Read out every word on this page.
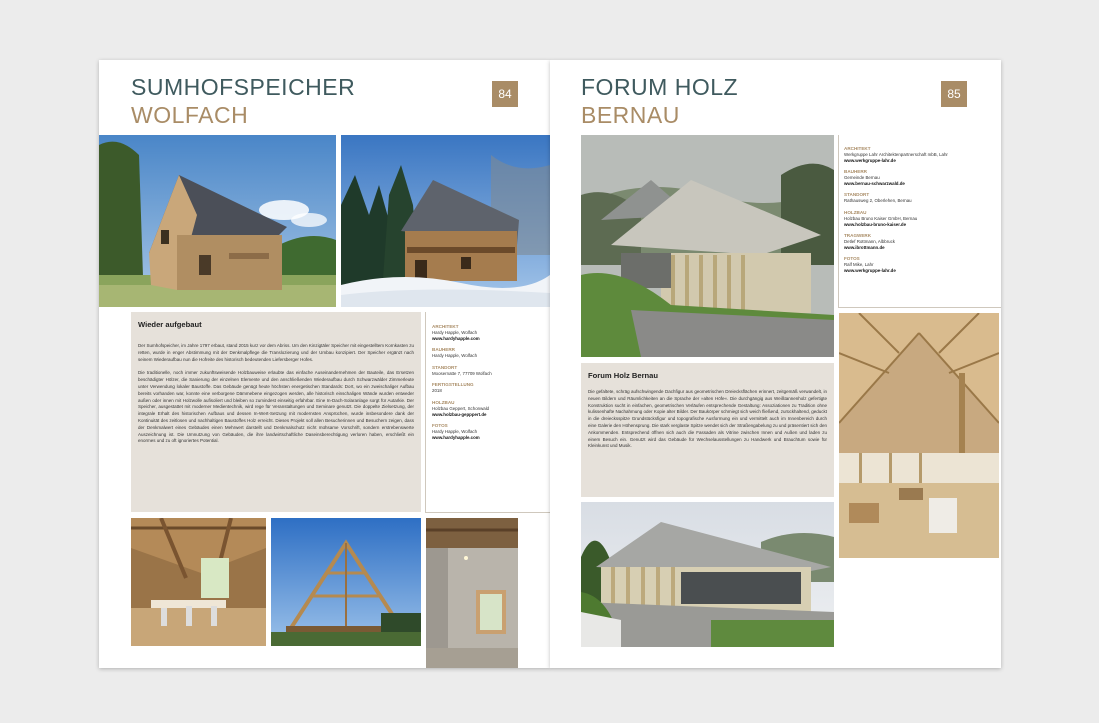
SUMHOFSPEICHER
WOLFACH
84
Wieder aufgebaut

Der Sumhofspeicher, im Jahre 1797 erbaut, stand 2015 kurz vor dem Abriss. Um den Kinzigtäler Speicher mit eingestelltem Kornkasten zu retten, wurde in enger Abstimmung mit der Denkmalpflege die Translozierung und der Umbau konzipiert. Der Speicher ergänzt nach seinem Wiederaufbau nun die Hofreite des historisch bedeutenden Liefersberger Hofes.

Die traditionelle, noch immer zukunftsweisende Holzbauweise erlaubte das einfache Auseinandernehmen der Bauteile, das Ersetzen beschädigter Hölzer, die Sanierung der einzelnen Elemente und den anschließenden Wiederaufbau durch Schwarzwälder Zimmerleute unter Verwendung lokaler Baustoffe. Das Gebäude genügt heute höchsten energetischen Standards: Dort, wo ein zweischaliger Aufbau bereits vorhanden war, konnte eine verborgene Dämmebene eingezogen werden, alle historisch einschaligen Wände wurden entweder außen oder innen mit Holzwolle aufisoliert und bleiben so zumindest einseitig erfahrbar. Eine In-Dach-Solaranlage sorgt für Autarkie. Der Speicher, ausgestattet mit moderner Medientechnik, wird rege für Veranstaltungen und Seminare genutzt. Die doppelte Zielsetzung, der integrale Erhalt des historischen Aufbaus und dessen In-Wert-Setzung mit modernsten Ansprüchen, wurde insbesondere dank der Kontinuität des zeitlosen und nachhaltigen Baustoffes Holz erreicht. Dieses Projekt soll allen Besucherinnen und Besuchern zeigen, dass der Denkmalwert eines Gebäudes einen Mehrwert darstellt und Denkmalschutz nicht mühsame Vorschrift, sondern erstrebenswerte Auszeichnung ist. Die Umnutzung von Gebäuden, die ihre landwirtschaftliche Daseinsberechtigung verloren haben, erschließt ein enormes und zu oft ignoriertes Potential.

ARCHITEKT
Hardy Happle, Wolfach
www.hardyhapple.com
BAUHERR
Hardy Happle, Wolfach
STANDORT
Moosernatte 7, 77709 Wolfach
FERTIGSTELLUNG
2018
HOLZBAU
Holzbau Geppert, Schonwald
www.holzbau-gepppert.de
FOTOS
Hardy Happle, Wolfach
www.hardyhapple.com
FORUM HOLZ
BERNAU
85
ARCHITEKT
Werkgruppe Lahr Architektenpartnerschaft mbB, Lahr
www.werkgruppe-lahr.de
BAUHERR
Gemeinde Bernau
www.bernau-schwarzwald.de
STANDORT
Rathausweg 2, Oberlehen, Bernau
HOLZBAU
Holzbau Bruno Kaiser GmbH, Bernau
www.holzbau-bruno-kaiser.de
TRAGWERK
Detlef Rottmann, Albbruck
www.ibrottmann.de
FOTOS
Ralf Mike, Lahr
www.werkgruppe-lahr.de
Forum Holz Bernau

Die gefaltete, schräg aufschwingende Dachfigur aus geometrischen Dreiecksflächen erinnert, zeitgemäß verwandelt, in neuen Bildern und Räumlichkeiten an die Sprache der »alten Höfe«. Die durchgängig aus Weißtannenholz gefertigte Konstruktion sucht in einfachen, geometrischen Verläufen entsprechende Gestaltung: Assoziationen zu Tradition ohne kulissenhafte Nachahmung oder Kopie alter Bilder. Der Baukörper schmiegt sich weich fließend, zurückhaltend, geduckt in die dreiecksspitze Grundstücksfigur und topografische Ausformung ein und vermittelt auch im Innenbereich durch eine Galerie den Höhensprung. Die stark verglaste Spitze wendet sich der Straßengabelung zu und präsentiert sich den Ankommenden. Entsprechend öffnen sich auch die Fassaden als Vitrine zwischen Innen und Außen und laden zu einem Besuch ein. Genutzt wird das Gebäude für Wechselausstellungen zu Handwerk und Brauchtum sowie für Kleinkunst und Musik.
